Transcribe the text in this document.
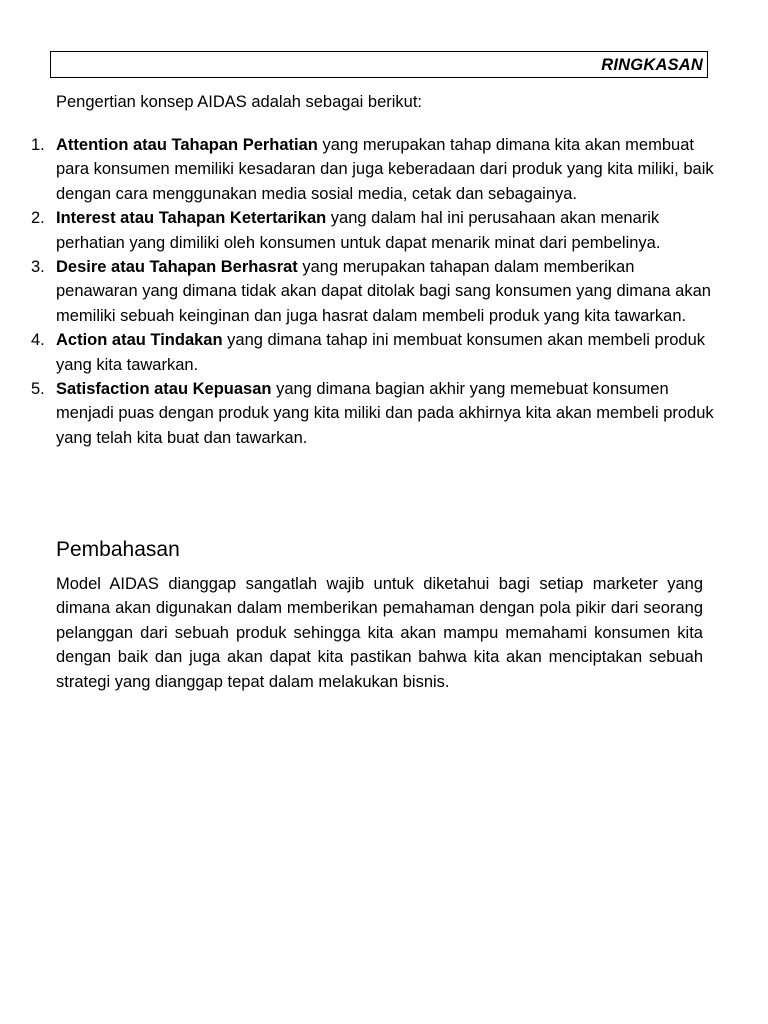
RINGKASAN

Pengertian konsep AIDAS adalah sebagai berikut:

1. Attention atau Tahapan Perhatian yang merupakan tahap dimana kita akan membuat para konsumen memiliki kesadaran dan juga keberadaan dari produk yang kita miliki, baik dengan cara menggunakan media sosial media, cetak dan sebagainya.
2. Interest atau Tahapan Ketertarikan yang dalam hal ini perusahaan akan menarik perhatian yang dimiliki oleh konsumen untuk dapat menarik minat dari pembelinya.
3. Desire atau Tahapan Berhasrat yang merupakan tahapan dalam memberikan penawaran yang dimana tidak akan dapat ditolak bagi sang konsumen yang dimana akan memiliki sebuah keinginan dan juga hasrat dalam membeli produk yang kita tawarkan.
4. Action atau Tindakan yang dimana tahap ini membuat konsumen akan membeli produk yang kita tawarkan.
5. Satisfaction atau Kepuasan yang dimana bagian akhir yang memebuat konsumen menjadi puas dengan produk yang kita miliki dan pada akhirnya kita akan membeli produk yang telah kita buat dan tawarkan.
Pembahasan

Model AIDAS dianggap sangatlah wajib untuk diketahui bagi setiap marketer yang dimana akan digunakan dalam memberikan pemahaman dengan pola pikir dari seorang pelanggan dari sebuah produk sehingga kita akan mampu memahami konsumen kita dengan baik dan juga akan dapat kita pastikan bahwa kita akan menciptakan sebuah strategi yang dianggap tepat dalam melakukan bisnis.
